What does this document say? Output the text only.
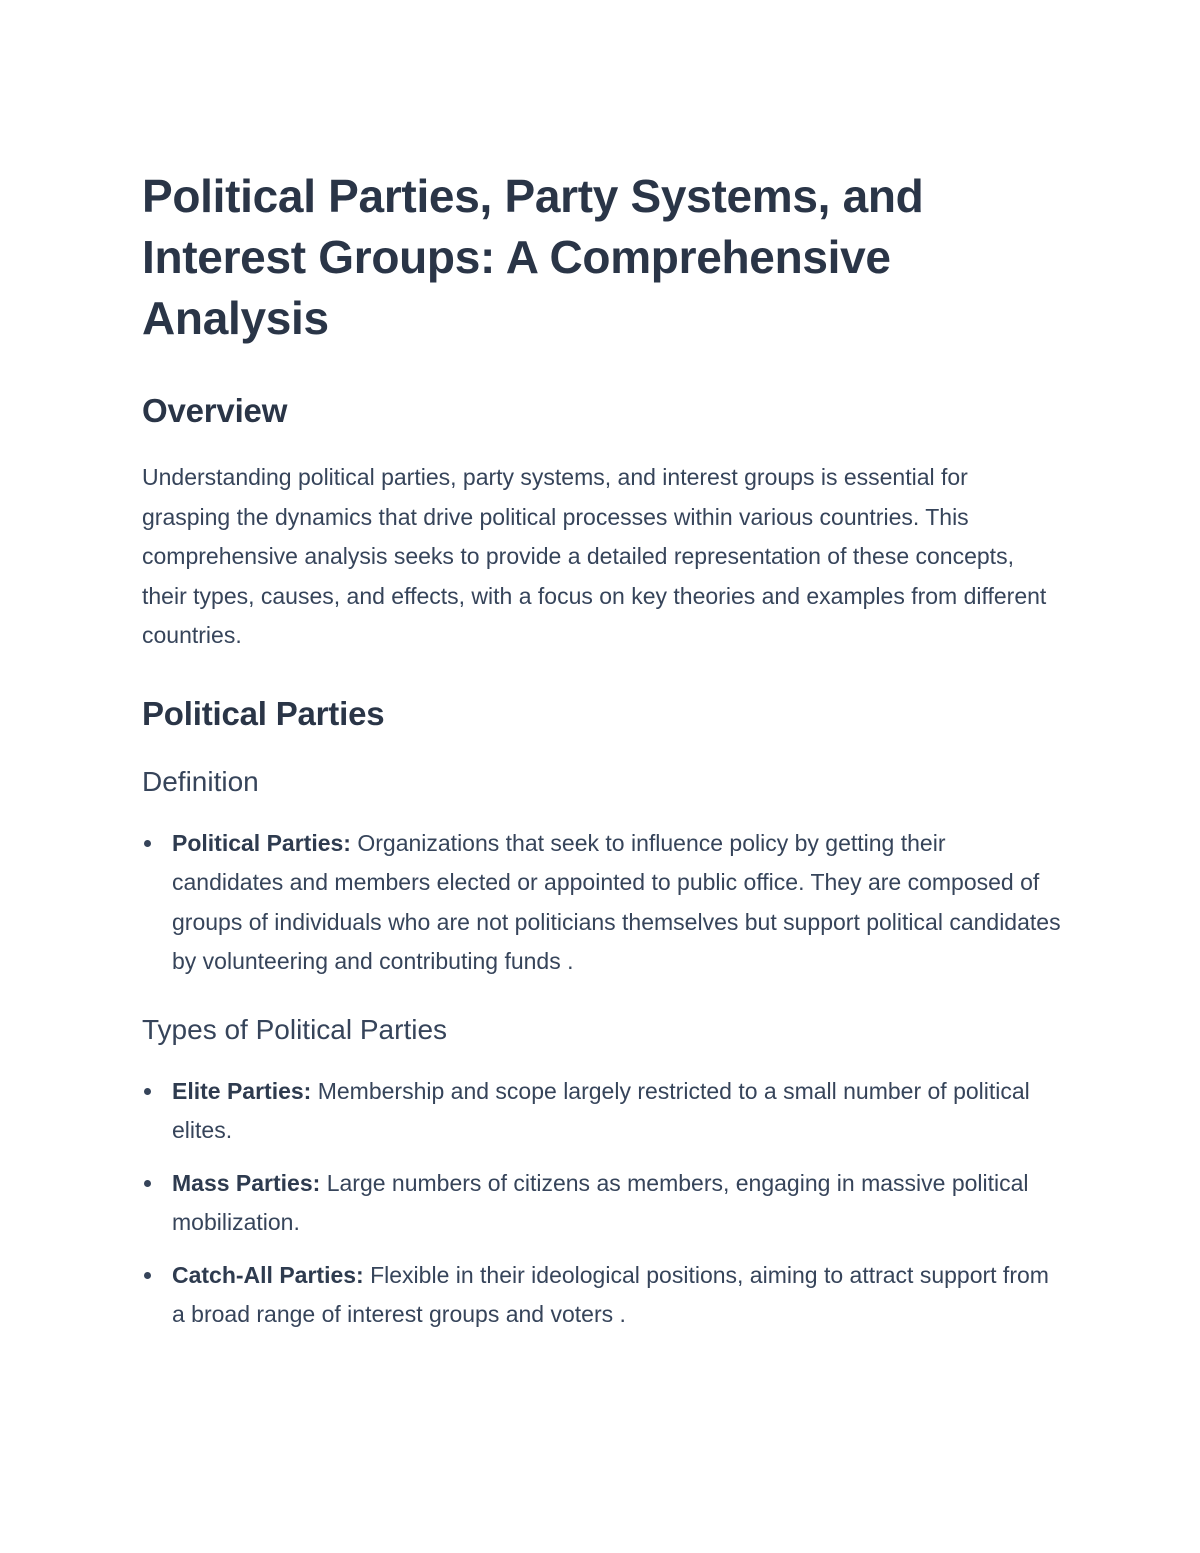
Political Parties, Party Systems, and Interest Groups: A Comprehensive Analysis
Overview

Understanding political parties, party systems, and interest groups is essential for grasping the dynamics that drive political processes within various countries. This comprehensive analysis seeks to provide a detailed representation of these concepts, their types, causes, and effects, with a focus on key theories and examples from different countries.

Political Parties
Definition
Political Parties: Organizations that seek to influence policy by getting their candidates and members elected or appointed to public office. They are composed of groups of individuals who are not politicians themselves but support political candidates by volunteering and contributing funds .
Types of Political Parties
Elite Parties: Membership and scope largely restricted to a small number of political elites.
Mass Parties: Large numbers of citizens as members, engaging in massive political mobilization.
Catch-All Parties: Flexible in their ideological positions, aiming to attract support from a broad range of interest groups and voters .
